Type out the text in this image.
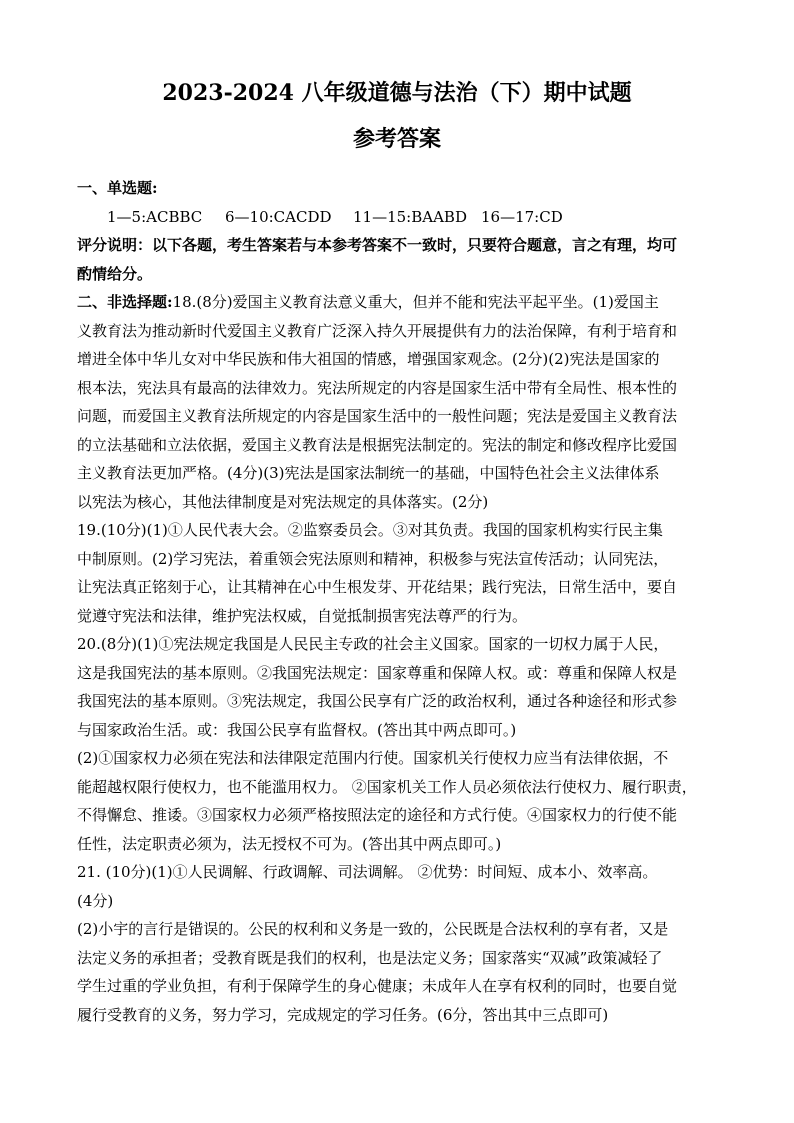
2023-2024 八年级道德与法治（下）期中试题
参考答案
一、单选题:
1—5:ACBBC 6—10:CACDD 11—15:BAABD 16—17:CD
评分说明：以下各题，考生答案若与本参考答案不一致时，只要符合题意，言之有理，均可
酌情给分。
二、非选择题:18.(8分)爱国主义教育法意义重大，但并不能和宪法平起平坐。(1)爱国主
义教育法为推动新时代爱国主义教育广泛深入持久开展提供有力的法治保障，有利于培育和
增进全体中华儿女对中华民族和伟大祖国的情感，增强国家观念。(2分)(2)宪法是国家的
根本法，宪法具有最高的法律效力。宪法所规定的内容是国家生活中带有全局性、根本性的
问题，而爱国主义教育法所规定的内容是国家生活中的一般性问题；宪法是爱国主义教育法
的立法基础和立法依据，爱国主义教育法是根据宪法制定的。宪法的制定和修改程序比爱国
主义教育法更加严格。(4分)(3)宪法是国家法制统一的基础，中国特色社会主义法律体系
以宪法为核心，其他法律制度是对宪法规定的具体落实。(2分)
19.(10分)(1)①人民代表大会。②监察委员会。③对其负责。我国的国家机构实行民主集
中制原则。(2)学习宪法，着重领会宪法原则和精神，积极参与宪法宣传活动；认同宪法，
让宪法真正铭刻于心，让其精神在心中生根发芽、开花结果；践行宪法，日常生活中，要自
觉遵守宪法和法律，维护宪法权威，自觉抵制损害宪法尊严的行为。
20.(8分)(1)①宪法规定我国是人民民主专政的社会主义国家。国家的一切权力属于人民，
这是我国宪法的基本原则。②我国宪法规定：国家尊重和保障人权。或：尊重和保障人权是
我国宪法的基本原则。③宪法规定，我国公民享有广泛的政治权利，通过各种途径和形式参
与国家政治生活。或：我国公民享有监督权。(答出其中两点即可。)
(2)①国家权力必须在宪法和法律限定范围内行使。国家机关行使权力应当有法律依据，不
能超越权限行使权力，也不能滥用权力。 ②国家机关工作人员必须依法行使权力、履行职责，
不得懈怠、推诿。③国家权力必须严格按照法定的途径和方式行使。④国家权力的行使不能
任性，法定职责必须为，法无授权不可为。(答出其中两点即可。)
21. (10分)(1)①人民调解、行政调解、司法调解。 ②优势：时间短、成本小、效率高。
(4分)
(2)小宇的言行是错误的。公民的权利和义务是一致的，公民既是合法权利的享有者，又是
法定义务的承担者；受教育既是我们的权利，也是法定义务；国家落实“双减”政策减轻了
学生过重的学业负担，有利于保障学生的身心健康；未成年人在享有权利的同时，也要自觉
履行受教育的义务，努力学习，完成规定的学习任务。(6分，答出其中三点即可)
